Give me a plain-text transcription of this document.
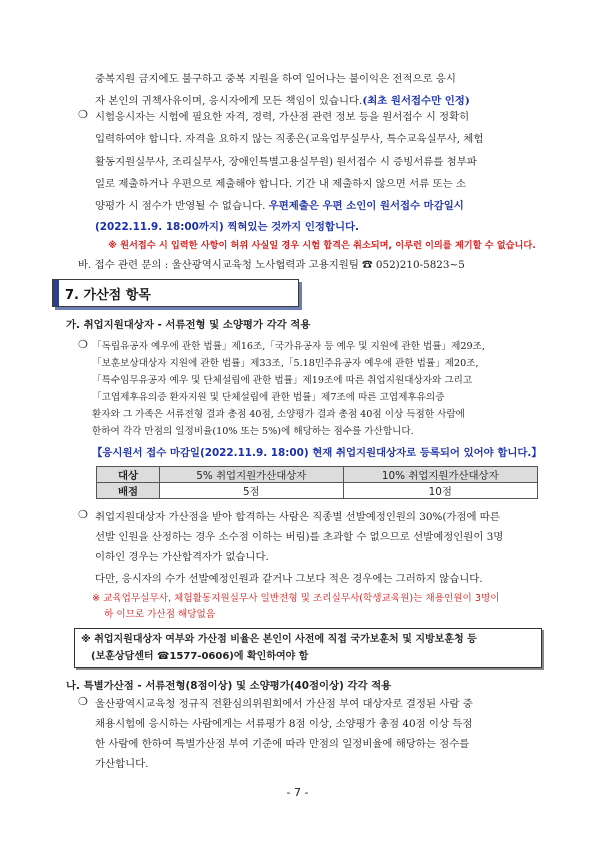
중복지원 금지에도 불구하고 중복 지원을 하여 일어나는 불이익은 전적으로 응시
자 본인의 귀책사유이며, 응시자에게 모든 책임이 있습니다.(최초 원서접수만 인정)
❍ 시험응시자는 시험에 필요한 자격, 경력, 가산점 관련 정보 등을 원서접수 시 정확히
입력하여야 합니다. 자격을 요하지 않는 직종은(교육업무실무사, 특수교육실무사, 체험
활동지원실무사, 조리실무사, 장애인특별고용실무원) 원서접수 시 증빙서류를 첨부파
일로 제출하거나 우편으로 제출해야 합니다. 기간 내 제출하지 않으면 서류 또는 소
양평가 시 점수가 반영될 수 없습니다. 우편제출은 우편 소인이 원서접수 마감일시
(2022.11.9. 18:00까지) 찍혀있는 것까지 인정합니다.
※ 원서접수 시 입력한 사항이 허위 사실일 경우 시험 합격은 취소되며, 이루런 이의를 제기할 수 없습니다.
바. 접수 관련 문의 : 울산광역시교육청 노사협력과 고용지원팀 ☎ 052)210-5823~5
7. 가산점 항목
가. 취업지원대상자 - 서류전형 및 소양평가 각각 적용
❍ 「독립유공자 예우에 관한 법률」제16조,「국가유공자 등 예우 및 지원에 관한 법률」제29조,
「보훈보상대상자 지원에 관한 법률」제33조,「5.18민주유공자 예우에 관한 법률」제20조,
「특수임무유공자 예우 및 단체설립에 관한 법률」제19조에 따른 취업지원대상자와 그리고
「고엽제후유의증 환자지원 및 단체설립에 관한 법률」제7조에 따른 고엽제후유의증
환자와 그 가족은 서류전형 결과 총점 40점, 소양평가 결과 총점 40점 이상 득점한 사람에
한하여 각각 만점의 일정비율(10% 또는 5%)에 해당하는 점수를 가산합니다.
【응시원서 접수 마감일(2022.11.9. 18:00) 현재 취업지원대상자로 등록되어 있어야 합니다.】
대상	5% 취업지원가산대상자	10% 취업지원가산대상자
배점	5점	10점
❍ 취업지원대상자 가산점을 받아 합격하는 사람은 직종별 선발예정인원의 30%(가점에 따른
선발 인원을 산정하는 경우 소수점 이하는 버림)를 초과할 수 없으므로 선발예정인원이 3명
이하인 경우는 가산합격자가 없습니다.
다만, 응시자의 수가 선발예정인원과 같거나 그보다 적은 경우에는 그러하지 않습니다.
※ 교육업무실무사, 체험활동지원실무사 일반전형 및 조리실무사(학생교육원)는 채용인원이 3명이
하 이므로 가산점 해당없음
※ 취업지원대상자 여부와 가산점 비율은 본인이 사전에 직접 국가보훈처 및 지방보훈청 등
(보훈상담센터 ☎1577-0606)에 확인하여야 함
나. 특별가산점 - 서류전형(8점이상) 및 소양평가(40점이상) 각각 적용
❍ 울산광역시교육청 정규직 전환심의위원회에서 가산점 부여 대상자로 결정된 사람 중
채용시험에 응시하는 사람에게는 서류평가 8점 이상, 소양평가 총점 40점 이상 득점
한 사람에 한하여 특별가산점 부여 기준에 따라 만점의 일정비율에 해당하는 점수를
가산합니다.
- 7 -
